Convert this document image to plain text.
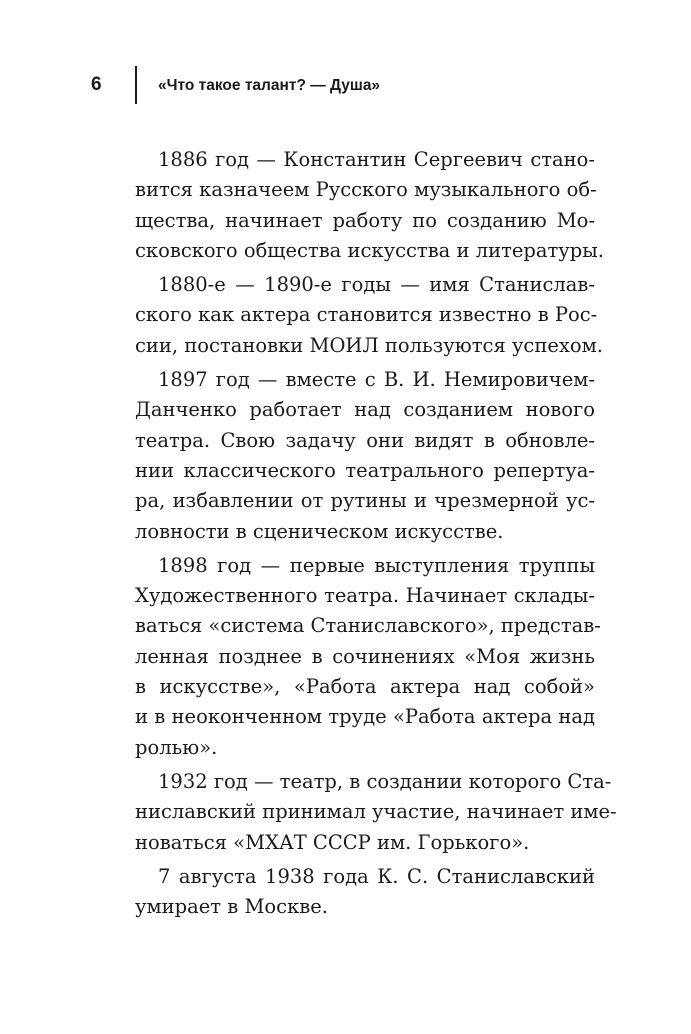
6	«Что такое талант? — Душа»

1886 год — Константин Сергеевич стано-
вится казначеем Русского музыкального об-
щества, начинает работу по созданию Мо-
сковского общества искусства и литературы.

1880-е — 1890-е годы — имя Станислав-
ского как актера становится известно в Рос-
сии, постановки МОИЛ пользуются успехом.

1897 год — вместе с В. И. Немировичем-
Данченко работает над созданием нового
театра. Свою задачу они видят в обновле-
нии классического театрального репертуа-
ра, избавлении от рутины и чрезмерной ус-
ловности в сценическом искусстве.

1898 год — первые выступления труппы
Художественного театра. Начинает склады-
ваться «система Станиславского», представ-
ленная позднее в сочинениях «Моя жизнь
в искусстве», «Работа актера над собой»
и в неоконченном труде «Работа актера над
ролью».

1932 год — театр, в создании которого Ста-
ниславский принимал участие, начинает име-
новаться «МХАТ СССР им. Горького».

7 августа 1938 года К. С. Станиславский
умирает в Москве.
